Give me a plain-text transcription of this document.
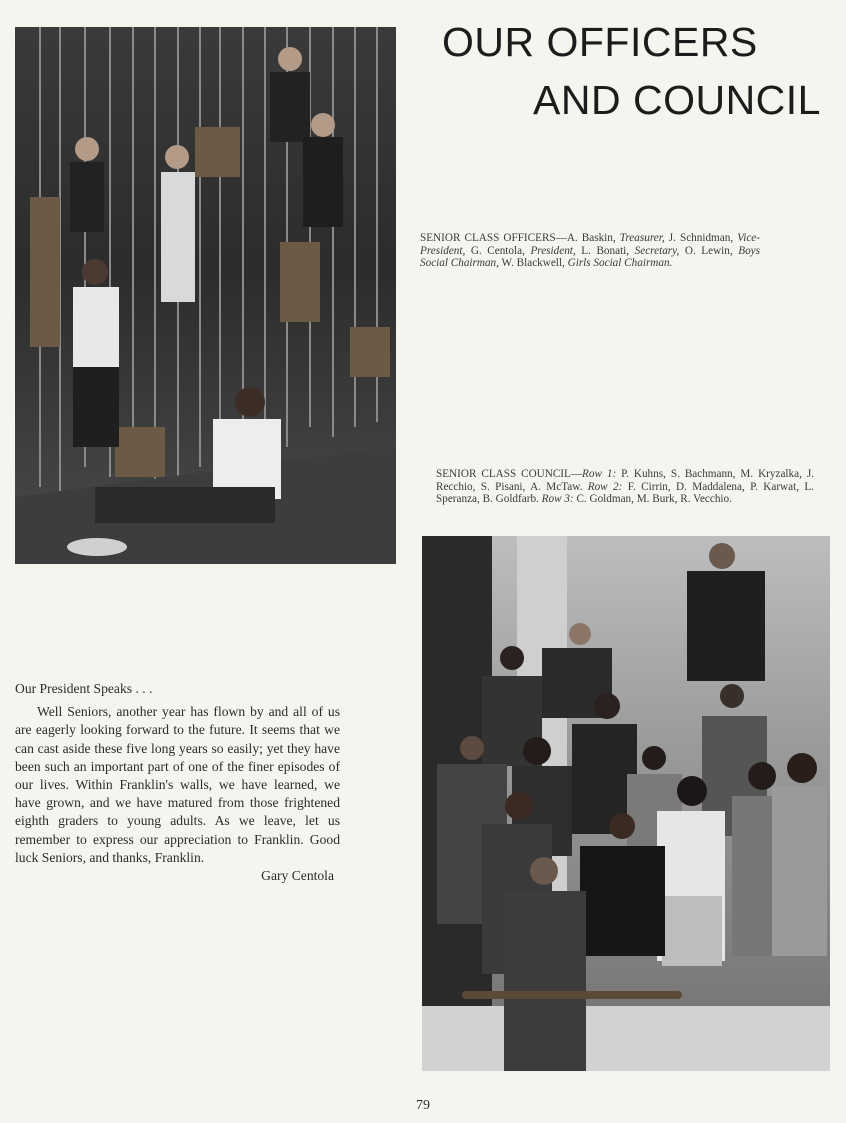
OUR OFFICERS
AND COUNCIL

SENIOR CLASS OFFICERS—A. Baskin, Treasurer, J. Schnidman, Vice-President, G. Centola, President, L. Bonati, Secretary, O. Lewin, Boys Social Chairman, W. Blackwell, Girls Social Chairman.

SENIOR CLASS COUNCIL—Row 1: P. Kuhns, S. Bachmann, M. Kryzalka, J. Recchio, S. Pisani, A. McTaw. Row 2: F. Cirrin, D. Maddalena, P. Karwat, L. Speranza, B. Goldfarb. Row 3: C. Goldman, M. Burk, R. Vecchio.

Our President Speaks . . .

Well Seniors, another year has flown by and all of us are eagerly looking forward to the future. It seems that we can cast aside these five long years so easily; yet they have been such an important part of one of the finer episodes of our lives. Within Franklin's walls, we have learned, we have grown, and we have matured from those frightened eighth graders to young adults. As we leave, let us remember to express our appreciation to Franklin. Good luck Seniors, and thanks, Franklin.

Gary Centola

79
